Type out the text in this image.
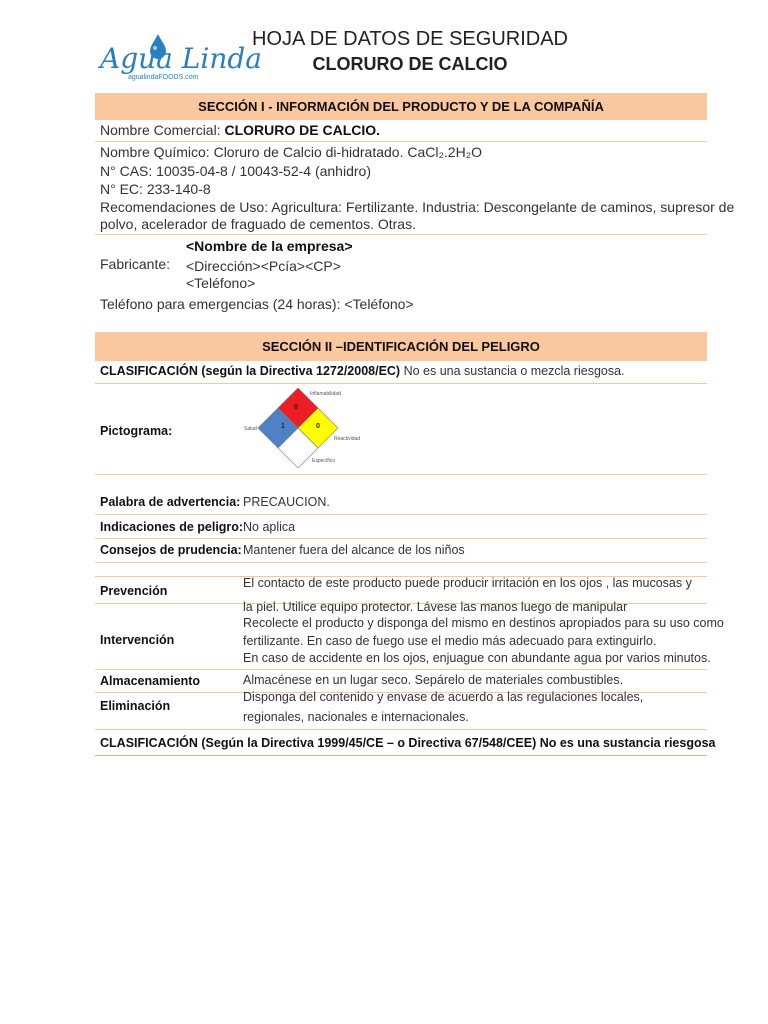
Agua Linda
agualindaFOODS.com
HOJA DE DATOS DE SEGURIDAD
CLORURO DE CALCIO
SECCIÓN I - INFORMACIÓN DEL PRODUCTO Y DE LA COMPAÑÍA
Nombre Comercial: CLORURO DE CALCIO.
Nombre Químico: Cloruro de Calcio di-hidratado. CaCl₂.2H₂O
N° CAS: 10035-04-8 / 10043-52-4 (anhidro)
N° EC: 233-140-8
Recomendaciones de Uso: Agricultura: Fertilizante. Industria: Descongelante de caminos, supresor de
polvo, acelerador de fraguado de cementos. Otras.
Fabricante:
<Nombre de la empresa>
<Dirección><Pcía><CP>
<Teléfono>
Teléfono para emergencias (24 horas): <Teléfono>
SECCIÓN II –IDENTIFICACIÓN DEL PELIGRO
CLASIFICACIÓN (según la Directiva 1272/2008/EC) No es una sustancia o mezcla riesgosa.
Pictograma:
0
1	0
Inflamabilidad
Salud
Reactividad
Específico
Palabra de advertencia: PRECAUCION.
Indicaciones de peligro: No aplica
Consejos de prudencia: Mantener fuera del alcance de los niños
Prevención
El contacto de este producto puede producir irritación en los ojos , las mucosas y
la piel. Utilice equipo protector. Lávese las manos luego de manipular
Intervención
Recolecte el producto y disponga del mismo en destinos apropiados para su uso como
fertilizante. En caso de fuego use el medio más adecuado para extinguirlo.
En caso de accidente en los ojos, enjuague con abundante agua por varios minutos.
Almacenamiento	Almacénese en un lugar seco. Sepárelo de materiales combustibles.
Eliminación
Disponga del contenido y envase de acuerdo a las regulaciones locales,
regionales, nacionales e internacionales.
CLASIFICACIÓN (Según la Directiva 1999/45/CE – o Directiva 67/548/CEE) No es una sustancia riesgosa
